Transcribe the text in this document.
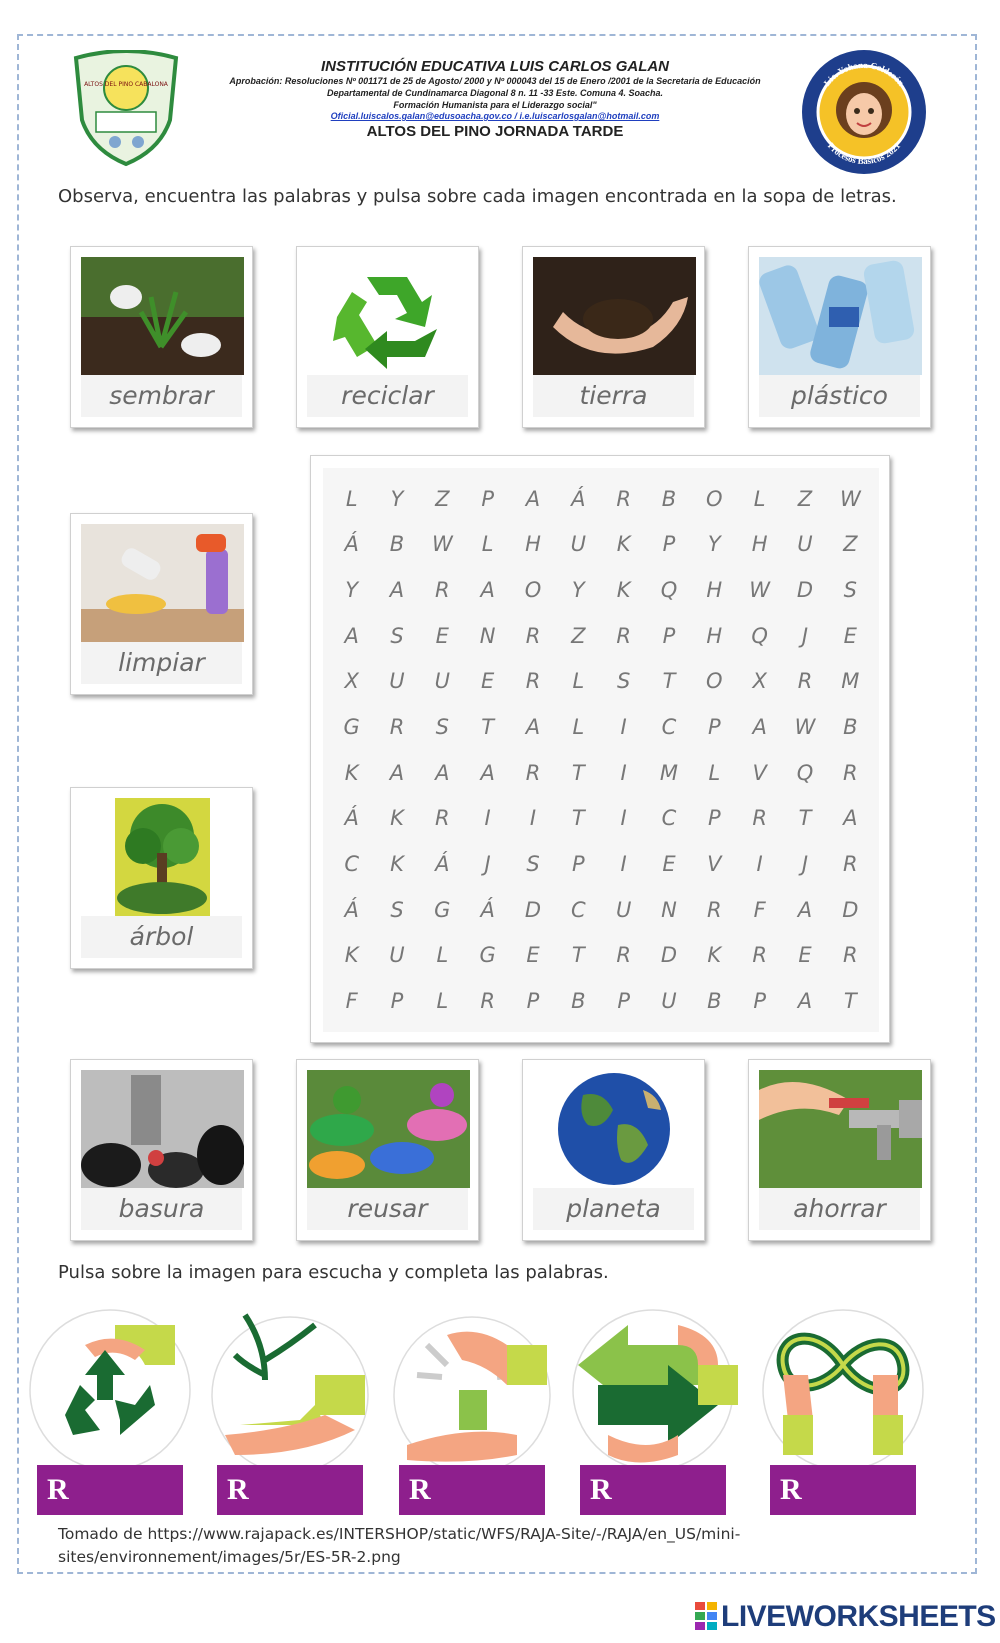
ALTOS DEL PINO CABALONA
INSTITUCIÓN EDUCATIVA LUIS CARLOS GALAN
Aprobación: Resoluciones Nº 001171 de 25 de Agosto/ 2000 y Nº 000043 del 15 de Enero /2001 de la Secretaria de Educación
Departamental de Cundinamarca Diagonal 8 n. 11 -33 Este. Comuna 4. Soacha.
Formación Humanista para el Liderazgo social"
Oficial.luiscalos.galan@edusoacha.gov.co / i.e.luiscarlosgalan@hotmail.com
ALTOS DEL PINO JORNADA TARDE
Lic. Yohana Calderón
Procesos Básicos 2021
Observa, encuentra las palabras y pulsa sobre cada imagen encontrada en la sopa de letras.
sembrar	reciclar	tierra	plástico
limpiar
árbol
basura	reusar	planeta	ahorrar
L	Y	Z	P	A	Á	R	B	O	L	Z	W
Á	B	W	L	H	U	K	P	Y	H	U	Z
Y	A	R	A	O	Y	K	Q	H	W	D	S
A	S	E	N	R	Z	R	P	H	Q	J	E
X	U	U	E	R	L	S	T	O	X	R	M
G	R	S	T	A	L	I	C	P	A	W	B
K	A	A	A	R	T	I	M	L	V	Q	R
Á	K	R	I	I	T	I	C	P	R	T	A
C	K	Á	J	S	P	I	E	V	I	J	R
Á	S	G	Á	D	C	U	N	R	F	A	D
K	U	L	G	E	T	R	D	K	R	E	R
F	P	L	R	P	B	P	U	B	P	A	T
Pulsa sobre la imagen para escucha y completa las palabras.
R	R	R	R	R
Tomado de https://www.rajapack.es/INTERSHOP/static/WFS/RAJA-Site/-/RAJA/en_US/mini-sites/environnement/images/5r/ES-5R-2.png
LIVEWORKSHEETS
